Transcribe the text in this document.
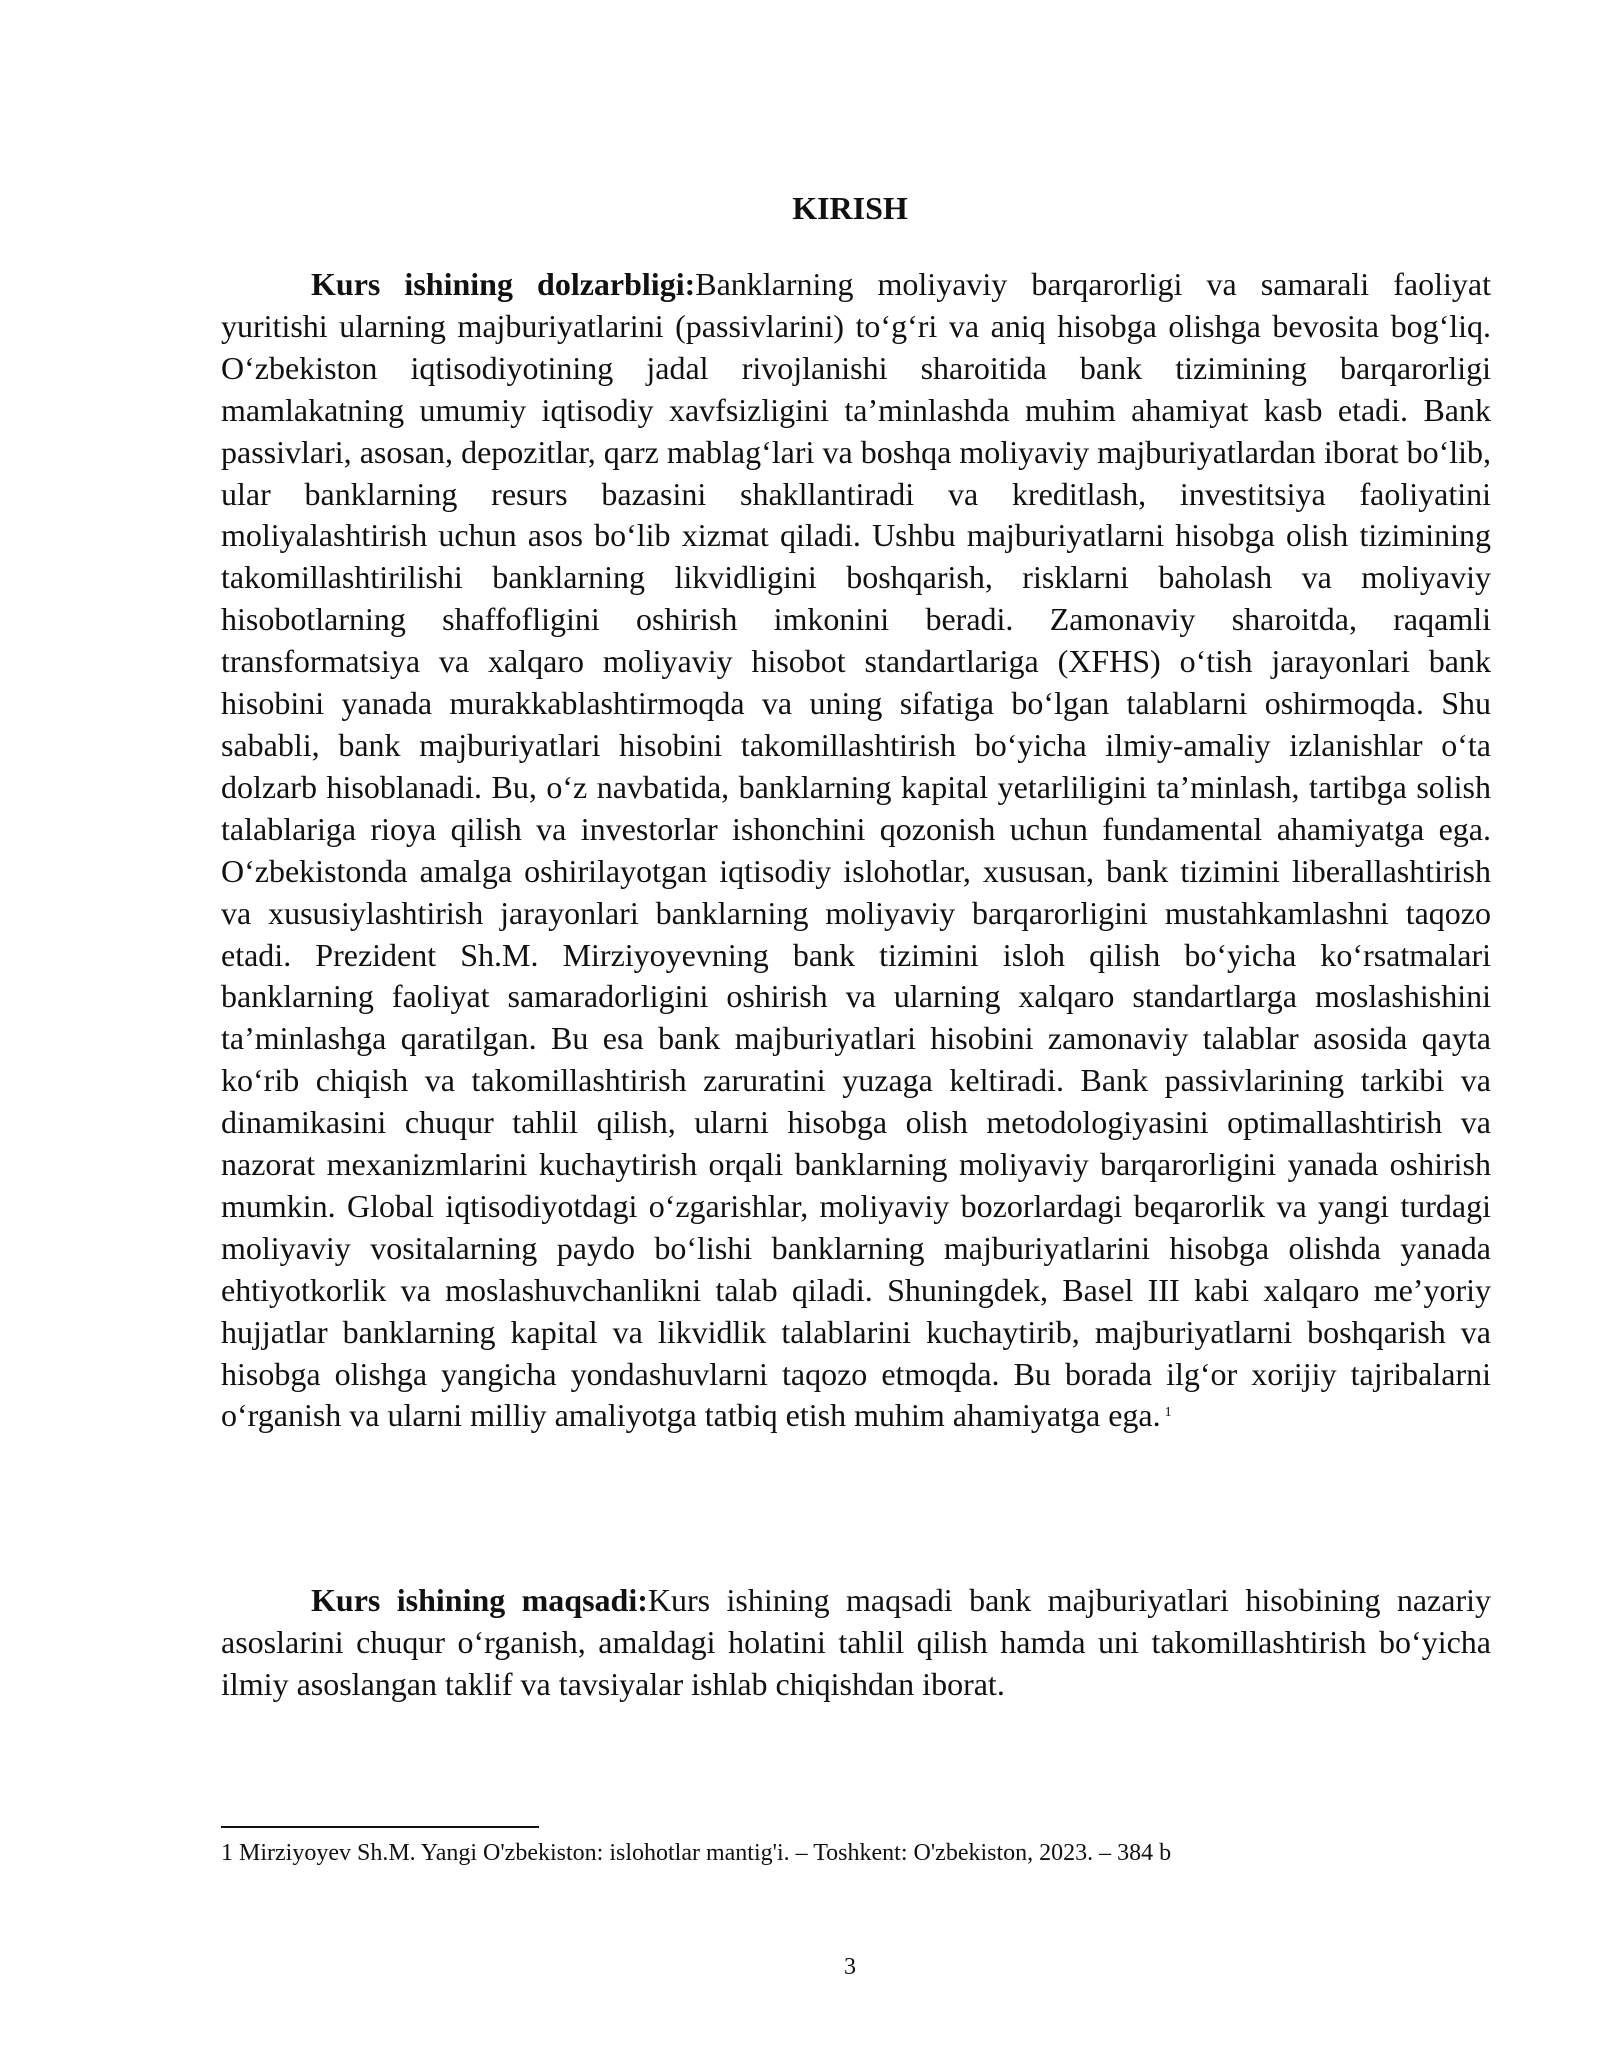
KIRISH

Kurs ishining dolzarbligi:Banklarning moliyaviy barqarorligi va samarali faoliyat yuritishi ularning majburiyatlarini (passivlarini) to‘g‘ri va aniq hisobga olishga bevosita bog‘liq. O‘zbekiston iqtisodiyotining jadal rivojlanishi sharoitida bank tizimining barqarorligi mamlakatning umumiy iqtisodiy xavfsizligini ta’minlashda muhim ahamiyat kasb etadi. Bank passivlari, asosan, depozitlar, qarz mablag‘lari va boshqa moliyaviy majburiyatlardan iborat bo‘lib, ular banklarning resurs bazasini shakllantiradi va kreditlash, investitsiya faoliyatini moliyalashtirish uchun asos bo‘lib xizmat qiladi. Ushbu majburiyatlarni hisobga olish tizimining takomillashtirilishi banklarning likvidligini boshqarish, risklarni baholash va moliyaviy hisobotlarning shaffofligini oshirish imkonini beradi. Zamonaviy sharoitda, raqamli transformatsiya va xalqaro moliyaviy hisobot standartlariga (XFHS) o‘tish jarayonlari bank hisobini yanada murakkablashtirmoqda va uning sifatiga bo‘lgan talablarni oshirmoqda. Shu sababli, bank majburiyatlari hisobini takomillashtirish bo‘yicha ilmiy-amaliy izlanishlar o‘ta dolzarb hisoblanadi. Bu, o‘z navbatida, banklarning kapital yetarliligini ta’minlash, tartibga solish talablariga rioya qilish va investorlar ishonchini qozonish uchun fundamental ahamiyatga ega. O‘zbekistonda amalga oshirilayotgan iqtisodiy islohotlar, xususan, bank tizimini liberallashtirish va xususiylashtirish jarayonlari banklarning moliyaviy barqarorligini mustahkamlashni taqozo etadi. Prezident Sh.M. Mirziyoyevning bank tizimini isloh qilish bo‘yicha ko‘rsatmalari banklarning faoliyat samaradorligini oshirish va ularning xalqaro standartlarga moslashishini ta’minlashga qaratilgan. Bu esa bank majburiyatlari hisobini zamonaviy talablar asosida qayta ko‘rib chiqish va takomillashtirish zaruratini yuzaga keltiradi. Bank passivlarining tarkibi va dinamikasini chuqur tahlil qilish, ularni hisobga olish metodologiyasini optimallashtirish va nazorat mexanizmlarini kuchaytirish orqali banklarning moliyaviy barqarorligini yanada oshirish mumkin. Global iqtisodiyotdagi o‘zgarishlar, moliyaviy bozorlardagi beqarorlik va yangi turdagi moliyaviy vositalarning paydo bo‘lishi banklarning majburiyatlarini hisobga olishda yanada ehtiyotkorlik va moslashuvchanlikni talab qiladi. Shuningdek, Basel III kabi xalqaro me’yoriy hujjatlar banklarning kapital va likvidlik talablarini kuchaytirib, majburiyatlarni boshqarish va hisobga olishga yangicha yondashuvlarni taqozo etmoqda. Bu borada ilg‘or xorijiy tajribalarni o‘rganish va ularni milliy amaliyotga tatbiq etish muhim ahamiyatga ega. $^1$

Kurs ishining maqsadi:Kurs ishining maqsadi bank majburiyatlari hisobining nazariy asoslarini chuqur o‘rganish, amaldagi holatini tahlil qilish hamda uni takomillashtirish bo‘yicha ilmiy asoslangan taklif va tavsiyalar ishlab chiqishdan iborat.

1 Mirziyoyev Sh.M. Yangi O'zbekiston: islohotlar mantig'i. – Toshkent: O'zbekiston, 2023. – 384 b

3
